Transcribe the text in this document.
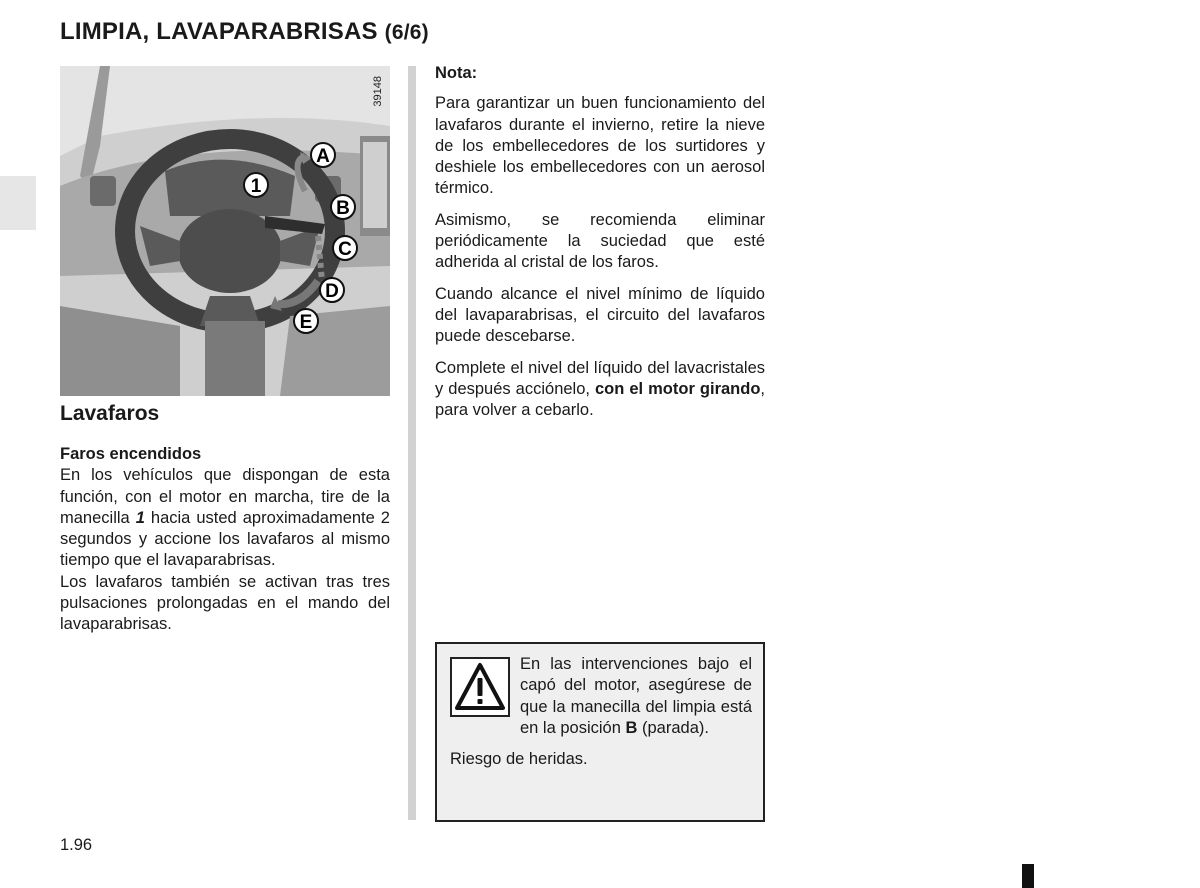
LIMPIA, LAVAPARABRISAS (6/6)
A
1
B
C
D
E
39148
Lavafaros

Faros encendidos

En los vehículos que dispongan de esta función, con el motor en marcha, tire de la manecilla 1 hacia usted aproximadamente 2 segundos y accione los lavafaros al mismo tiempo que el lavaparabrisas.

Los lavafaros también se activan tras tres pulsaciones prolongadas en el mando del lavaparabrisas.

Nota:

Para garantizar un buen funcionamiento del lavafaros durante el invierno, retire la nieve de los embellecedores de los surtidores y deshiele los embellecedores con un aerosol térmico.

Asimismo, se recomienda eliminar periódicamente la suciedad que esté adherida al cristal de los faros.

Cuando alcance el nivel mínimo de líquido del lavaparabrisas, el circuito del lavafaros puede descebarse.

Complete el nivel del líquido del lavacristales y después acciónelo, con el motor girando, para volver a cebarlo.

En las intervenciones bajo el capó del motor, asegúrese de que la manecilla del limpia está en la posición B (parada).

Riesgo de heridas.

1.96
